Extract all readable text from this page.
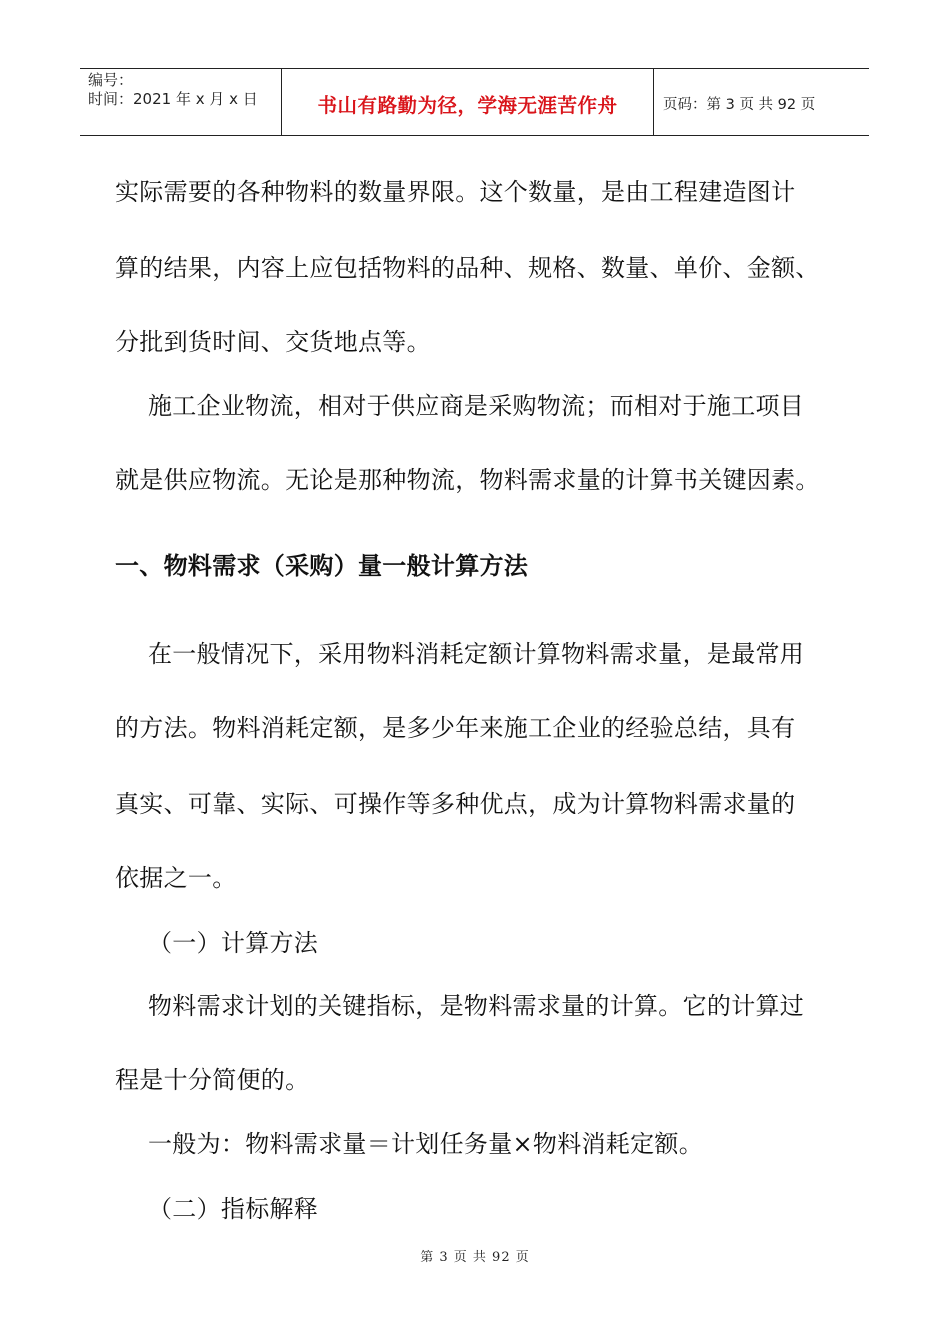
编号：
时间：2021 年 x 月 x 日	书山有路勤为径，学海无涯苦作舟	页码：第 3 页 共 92 页
实际需要的各种物料的数量界限。这个数量，是由工程建造图计
算的结果，内容上应包括物料的品种、规格、数量、单价、金额、
分批到货时间、交货地点等。
施工企业物流，相对于供应商是采购物流；而相对于施工项目
就是供应物流。无论是那种物流，物料需求量的计算书关键因素。
一、物料需求（采购）量一般计算方法
在一般情况下，采用物料消耗定额计算物料需求量，是最常用
的方法。物料消耗定额，是多少年来施工企业的经验总结，具有
真实、可靠、实际、可操作等多种优点，成为计算物料需求量的
依据之一。
（一）计算方法
物料需求计划的关键指标，是物料需求量的计算。它的计算过
程是十分简便的。
一般为：物料需求量＝计划任务量×物料消耗定额。
（二）指标解释
第 3 页 共 92 页
